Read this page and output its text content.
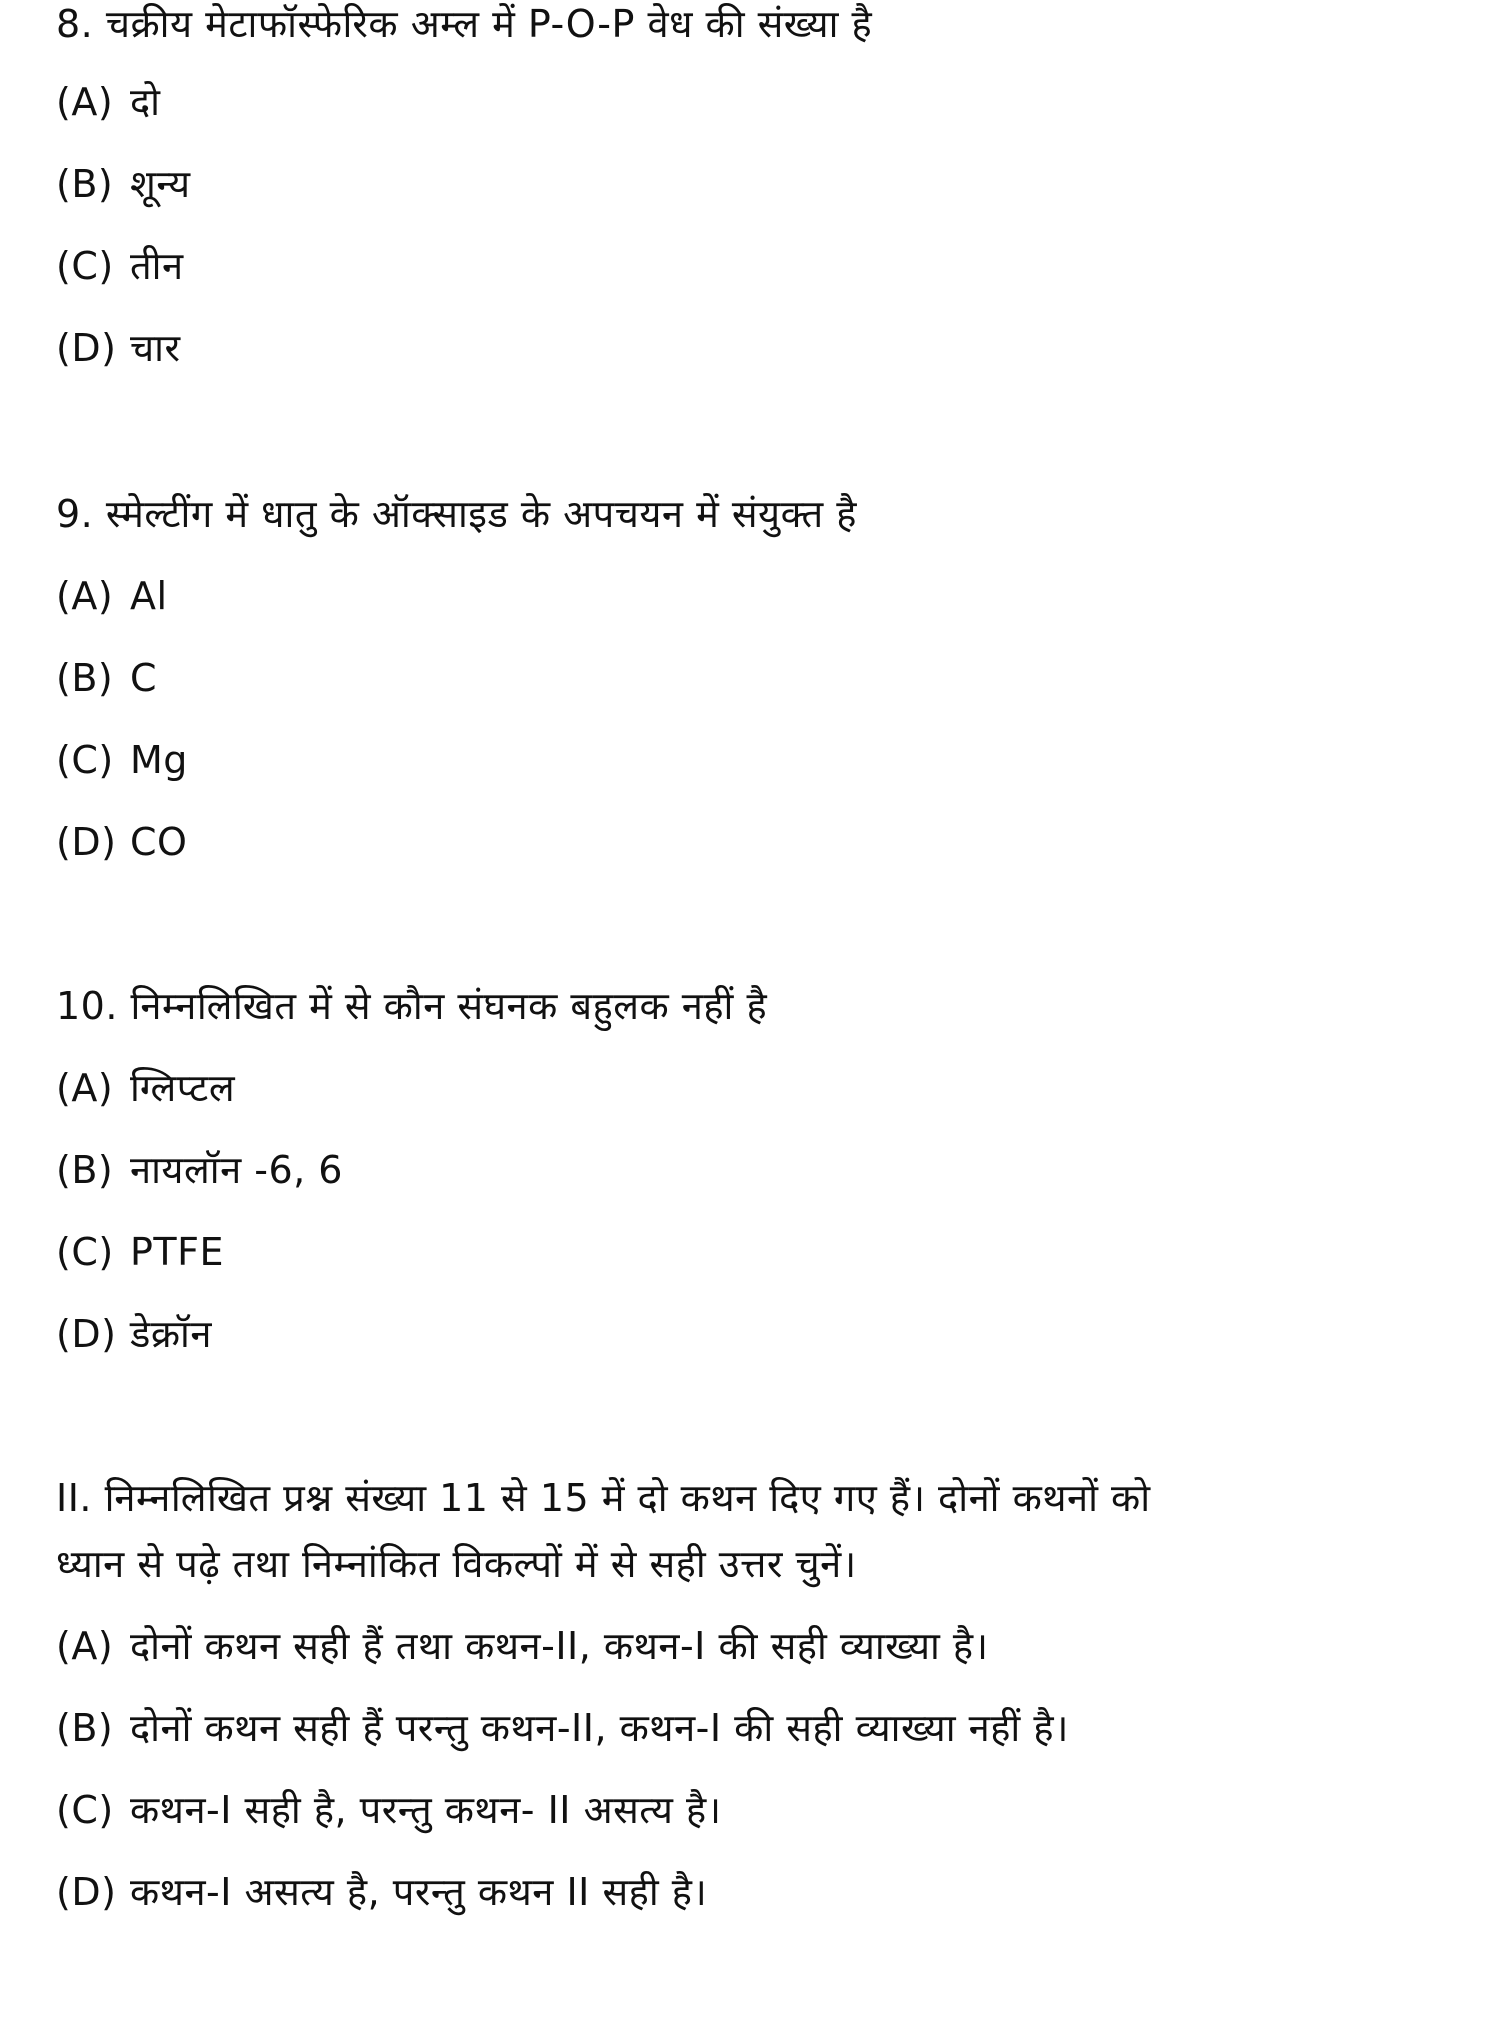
8. चक्रीय मेटाफॉस्फेरिक अम्ल में P-O-P वेध की संख्या है
(A) दो
(B) शून्य
(C) तीन
(D) चार
9. स्मेल्टींग में धातु के ऑक्साइड के अपचयन में संयुक्त है
(A) Al
(B) C
(C) Mg
(D) CO
10. निम्नलिखित में से कौन संघनक बहुलक नहीं है
(A) ग्लिप्टल
(B) नायलॉन -6, 6
(C) PTFE
(D) डेक्रॉन
II. निम्नलिखित प्रश्न संख्या 11 से 15 में दो कथन दिए गए हैं। दोनों कथनों को
ध्यान से पढ़े तथा निम्नांकित विकल्पों में से सही उत्तर चुनें।
(A) दोनों कथन सही हैं तथा कथन-II, कथन-I की सही व्याख्या है।
(B) दोनों कथन सही हैं परन्तु कथन-II, कथन-I की सही व्याख्या नहीं है।
(C) कथन-I सही है, परन्तु कथन- II असत्य है।
(D) कथन-I असत्य है, परन्तु कथन II सही है।
